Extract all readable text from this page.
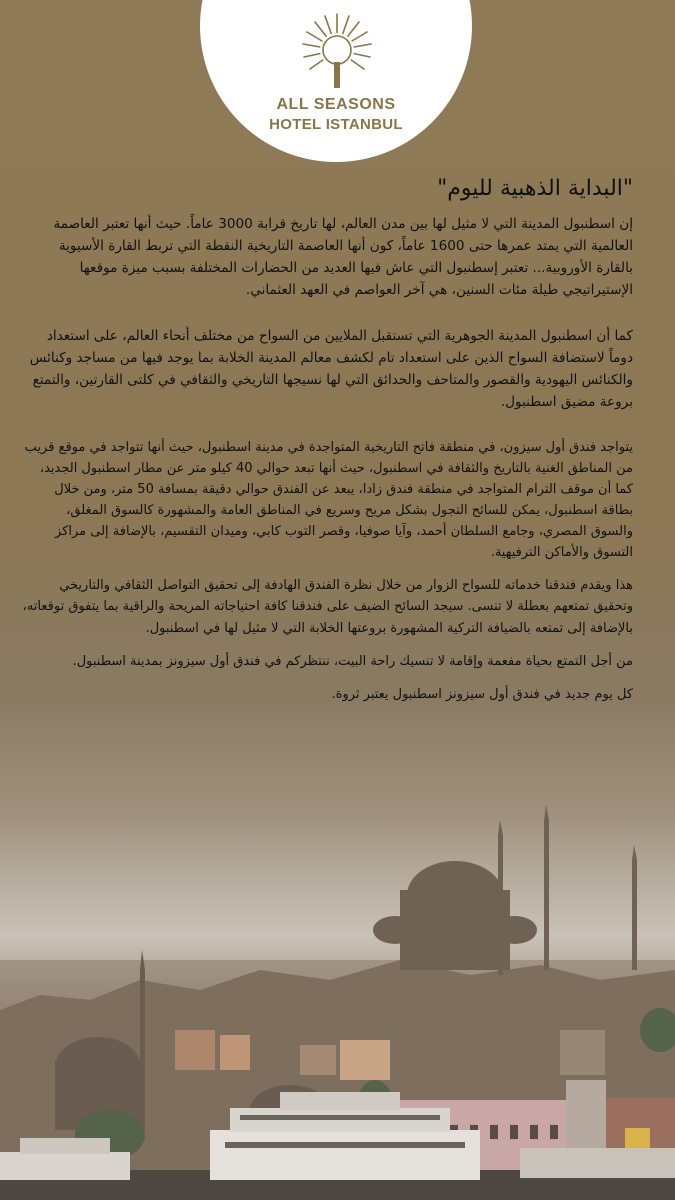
ALL SEASONS
HOTEL ISTANBUL
"البداية الذهبية لليوم"

إن اسطنبول المدينة التي لا مثيل لها بين مدن العالم، لها تاريخ قرابة 3000 عاماً. حيث أنها تعتبر العاصمة العالمية التي يمتد عمرها حتى 1600 عاماً، كون أنها العاصمة التاريخية النقطة التي تربط القارة الأسيوية بالقارة الأوروبية... تعتبر إسطنبول التي عاش فيها العديد من الحضارات المختلفة بسبب ميزة موقعها الإستيراتيجي طيلة مئات السنين، هي آخر العواصم في العهد العثماني.

كما أن اسطنبول المدينة الجوهرية التي تستقبل الملايين من السواح من مختلف أنحاء العالم، على استعداد دوماً لاستضافة السواح الذين على استعداد تام لكشف معالم المدينة الخلابة بما يوجد فيها من مساجد وكنائس والكنائس اليهودية والقصور والمتاحف والحدائق التي لها نسيجها التاريخي والثقافي في كلتى القارتين، والتمتع بروعة مضيق اسطنبول.

يتواجد فندق أول سيزون، في منطقة فاتح التاريخية المتواجدة في مدينة اسطنبول، حيث أنها تتواجد في موقع قريب من المناطق الغنية بالتاريخ والثقافة في اسطنبول، حيث أنها تبعد حوالي 40 كيلو متر عن مطار اسطنبول الجديد، كما أن موقف الترام المتواجد في منطقة فندق زادا، يبعد عن الفندق حوالي دقيقة بمسافة 50 متر، ومن خلال بطاقة اسطنبول، يمكن للسائح التجول بشكل مريح وسريع في المناطق العامة والمشهورة كالسوق المغلق، والسوق المصري، وجامع السلطان أحمد، وآيا صوفيا، وقصر التوب كابي، وميدان التقسيم، بالإضافة إلى مراكز التسوق والأماكن الترفيهية.

هذا ويقدم فندقنا خدماته للسواح الزوار من خلال نظرة الفندق الهادفة إلى تحقيق التواصل الثقافي والتاريخي وتحقيق تمتعهم بعطلة لا تنسى. سيجد السائح الضيف على فندقنا كافة احتياجاته المريحة والراقية بما يتفوق توقعاته، بالإضافة إلى تمتعه بالضيافة التركية المشهورة بروعتها الخلابة التي لا مثيل لها في اسطنبول.

من أجل التمتع بحياة مفعمة وإقامة لا تنسيك راحة البيت، ننتظركم في فندق أول سيزونز بمدينة اسطنبول.

كل يوم جديد في فندق أول سيزونز اسطنبول يعتبر ثروة.
